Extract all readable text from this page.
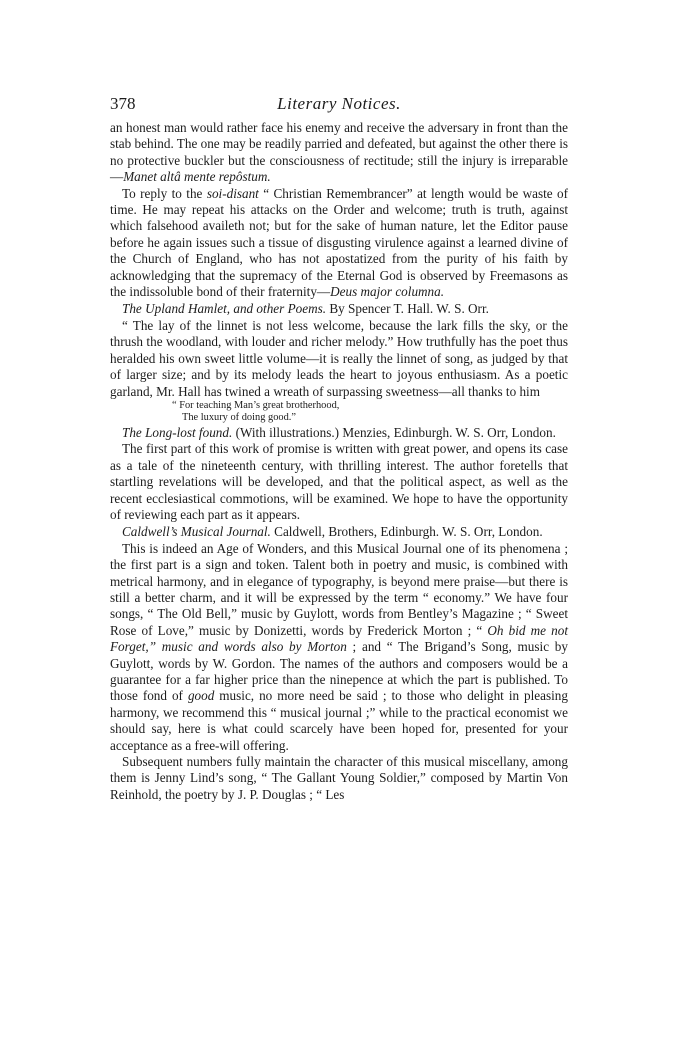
378	Literary Notices.

an honest man would rather face his enemy and receive the adversary in front than the stab behind. The one may be readily parried and defeated, but against the other there is no protective buckler but the consciousness of rectitude; still the injury is irreparable—Manet altâ mente repôstum.

To reply to the soi-disant “ Christian Remembrancer” at length would be waste of time. He may repeat his attacks on the Order and welcome; truth is truth, against which falsehood availeth not; but for the sake of human nature, let the Editor pause before he again issues such a tissue of disgusting virulence against a learned divine of the Church of England, who has not apostatized from the purity of his faith by acknowledging that the supremacy of the Eternal God is observed by Freemasons as the indissoluble bond of their fraternity—Deus major columna.

The Upland Hamlet, and other Poems. By Spencer T. Hall. W. S. Orr.

“ The lay of the linnet is not less welcome, because the lark fills the sky, or the thrush the woodland, with louder and richer melody.” How truthfully has the poet thus heralded his own sweet little volume—it is really the linnet of song, as judged by that of larger size; and by its melody leads the heart to joyous enthusiasm. As a poetic garland, Mr. Hall has twined a wreath of surpassing sweetness—all thanks to him

“ For teaching Man’s great brotherhood,
The luxury of doing good.”

The Long-lost found. (With illustrations.) Menzies, Edinburgh. W. S. Orr, London.

The first part of this work of promise is written with great power, and opens its case as a tale of the nineteenth century, with thrilling interest. The author foretells that startling revelations will be developed, and that the political aspect, as well as the recent ecclesiastical commotions, will be examined. We hope to have the opportunity of reviewing each part as it appears.

Caldwell’s Musical Journal. Caldwell, Brothers, Edinburgh. W. S. Orr, London.

This is indeed an Age of Wonders, and this Musical Journal one of its phenomena ; the first part is a sign and token. Talent both in poetry and music, is combined with metrical harmony, and in elegance of typography, is beyond mere praise—but there is still a better charm, and it will be expressed by the term “ economy.” We have four songs, “ The Old Bell,” music by Guylott, words from Bentley’s Magazine ; “ Sweet Rose of Love,” music by Donizetti, words by Frederick Morton ; “ Oh bid me not Forget,” music and words also by Morton ; and “ The Brigand’s Song, music by Guylott, words by W. Gordon. The names of the authors and composers would be a guarantee for a far higher price than the ninepence at which the part is published. To those fond of good music, no more need be said ; to those who delight in pleasing harmony, we recommend this “ musical journal ;” while to the practical economist we should say, here is what could scarcely have been hoped for, presented for your acceptance as a free-will offering.

Subsequent numbers fully maintain the character of this musical miscellany, among them is Jenny Lind’s song, “ The Gallant Young Soldier,” composed by Martin Von Reinhold, the poetry by J. P. Douglas ; “ Les
